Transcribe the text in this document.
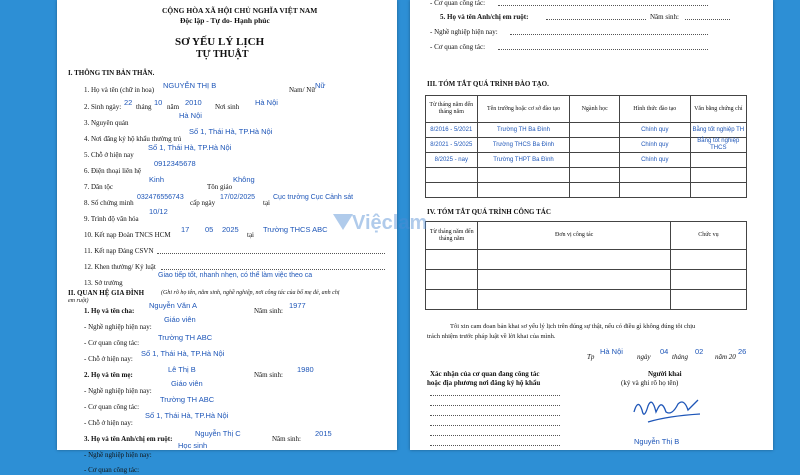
CỘNG HÒA XÃ HỘI CHỦ NGHĨA VIỆT NAM
Độc lập - Tự do- Hạnh phúc
SƠ YẾU LÝ LỊCH
TỰ THUẬT
I. THÔNG TIN BẢN THÂN.
1. Họ và tên (chữ in hoa) NGUYỄN THỊ B	Nam/ Nữ Nữ
2. Sinh ngày: 22 tháng 10 năm 2010 Nơi sinh Hà Nội
3. Nguyên quán
Hà Nội
4. Nơi đăng ký hộ khẩu thường trú
Số 1, Thái Hà, TP.Hà Nội
5. Chỗ ở hiện nay
Số 1, Thái Hà, TP.Hà Nội
6. Điện thoại liên hệ
0912345678
7. Dân tộc
Kinh
Tôn giáo
Không
8. Số chứng minh
032476556743
cấp ngày
17/02/2025
tại
Cục trưởng Cục Cảnh sát
9. Trình độ văn hóa
10/12
10. Kết nạp Đoàn TNCS HCM
17 05 2025
tại
Trường THCS ABC
11. Kết nạp Đảng CSVN
12. Khen thưởng/ Kỷ luật
13. Sở trường
Giao tiếp tốt, nhanh nhẹn, có thể làm việc theo ca
II. QUAN HỆ GIA ĐÌNH	(Ghi rõ họ tên, năm sinh, nghề nghiệp, nơi công tác của bố mẹ đẻ, anh chị
em ruột)
1. Họ và tên cha:
Nguyễn Văn A
Năm sinh:
1977
- Nghề nghiệp hiện nay:
Giáo viên
- Cơ quan công tác:
Trường TH ABC
- Chỗ ở hiện nay:
Số 1, Thái Hà, TP.Hà Nội
2. Họ và tên mẹ:
Lê Thị B
Năm sinh:
1980
- Nghề nghiệp hiện nay:
Giáo viên
- Cơ quan công tác:
Trường TH ABC
- Chỗ ở hiện nay:
Số 1, Thái Hà, TP.Hà Nội
3. Họ và tên Anh/chị em ruột:
Nguyễn Thị C
Năm sinh:
2015
- Nghề nghiệp hiện nay:
Học sinh
- Cơ quan công tác:
- Cơ quan công tác:
5. Họ và tên Anh/chị em ruột:	Năm sinh:
- Nghề nghiệp hiện nay:
- Cơ quan công tác:
III. TÓM TẮT QUÁ TRÌNH ĐÀO TẠO.
Từ tháng năm đến tháng năm	Tên trường hoặc cơ sở đào tạo	Ngành học	Hình thức đào tạo	Văn bằng chứng chỉ
8/2016 - 5/2021	Trường TH Ba Đình		Chính quy	Bằng tốt nghiệp TH
8/2021 - 5/2025	Trường THCS Ba Đình		Chính quy	Bằng tốt nghiệp THCS
8/2025 - nay	Trường THPT Ba Đình		Chính quy	

IV. TÓM TẮT QUÁ TRÌNH CÔNG TÁC
Từ tháng năm đến tháng năm	Đơn vị công tác	Chức vụ

Tôi xin cam đoan bản khai sơ yếu lý lịch trên đúng sự thật, nếu có điều gì không đúng tôi chịu
trách nhiệm trước pháp luật về lời khai của mình.
Tp
Hà Nội
ngày
04
tháng
02
năm 20
26
Xác nhận của cơ quan đang công tác
hoặc địa phương nơi đăng ký hộ khẩu
Người khai
(ký và ghi rõ họ tên)
Nguyễn Thị B
Việclam
